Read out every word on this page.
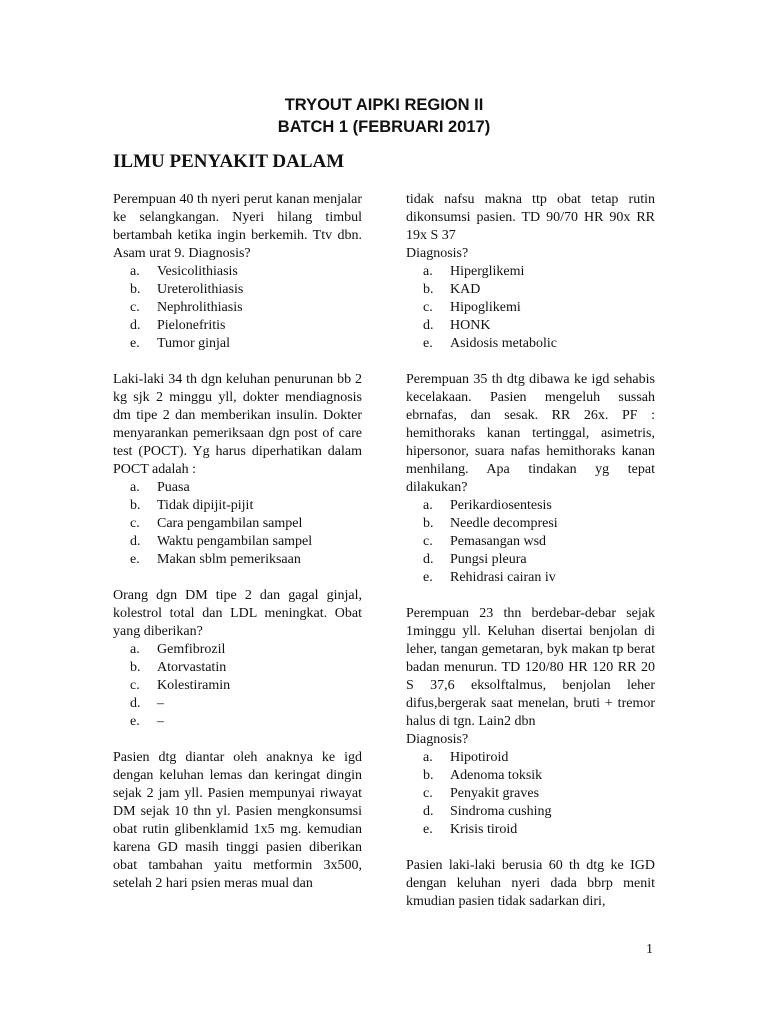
TRYOUT AIPKI REGION II
BATCH 1 (FEBRUARI 2017)
ILMU PENYAKIT DALAM
Perempuan 40 th nyeri perut kanan menjalar ke selangkangan. Nyeri hilang timbul bertambah ketika ingin berkemih. Ttv dbn. Asam urat 9. Diagnosis?
a.	Vesicolithiasis
b.	Ureterolithiasis
c.	Nephrolithiasis
d.	Pielonefritis
e.	Tumor ginjal
Laki-laki 34 th dgn keluhan penurunan bb 2 kg sjk 2 minggu yll, dokter mendiagnosis dm tipe 2 dan memberikan insulin. Dokter menyarankan pemeriksaan dgn post of care test (POCT). Yg harus diperhatikan dalam POCT adalah :
a.	Puasa
b.	Tidak dipijit-pijit
c.	Cara pengambilan sampel
d.	Waktu pengambilan sampel
e.	Makan sblm pemeriksaan
Orang dgn DM tipe 2 dan gagal ginjal, kolestrol total dan LDL meningkat. Obat yang diberikan?
a.	Gemfibrozil
b.	Atorvastatin
c.	Kolestiramin
d.	–
e.	–
Pasien dtg diantar oleh anaknya ke igd dengan keluhan lemas dan keringat dingin sejak 2 jam yll. Pasien mempunyai riwayat DM sejak 10 thn yl. Pasien mengkonsumsi obat rutin glibenklamid 1x5 mg. kemudian karena GD masih tinggi pasien diberikan obat tambahan yaitu metformin 3x500, setelah 2 hari psien meras mual dan
tidak nafsu makna ttp obat tetap rutin dikonsumsi pasien. TD 90/70 HR 90x RR 19x S 37
Diagnosis?
a.	Hiperglikemi
b.	KAD
c.	Hipoglikemi
d.	HONK
e.	Asidosis metabolic
Perempuan 35 th dtg dibawa ke igd sehabis kecelakaan. Pasien mengeluh sussah ebrnafas, dan sesak. RR 26x. PF : hemithoraks kanan tertinggal, asimetris, hipersonor, suara nafas hemithoraks kanan menhilang. Apa tindakan yg tepat dilakukan?
a.	Perikardiosentesis
b.	Needle decompresi
c.	Pemasangan wsd
d.	Pungsi pleura
e.	Rehidrasi cairan iv
Perempuan 23 thn berdebar-debar sejak 1minggu yll. Keluhan disertai benjolan di leher, tangan gemetaran, byk makan tp berat badan menurun. TD 120/80 HR 120 RR 20 S 37,6 eksolftalmus, benjolan leher difus,bergerak saat menelan, bruti + tremor halus di tgn. Lain2 dbn
Diagnosis?
a.	Hipotiroid
b.	Adenoma toksik
c.	Penyakit graves
d.	Sindroma cushing
e.	Krisis tiroid
Pasien laki-laki berusia 60 th dtg ke IGD dengan keluhan nyeri dada bbrp menit kmudian pasien tidak sadarkan diri,
1
